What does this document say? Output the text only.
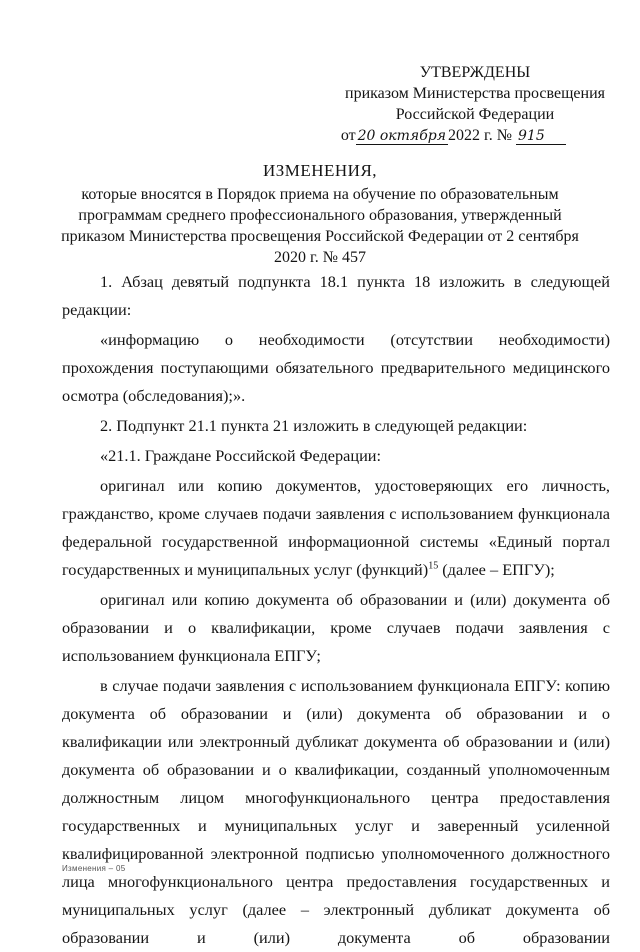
УТВЕРЖДЕНЫ
приказом Министерства просвещения
Российской Федерации
от 20 октября 2022 г. № 915
ИЗМЕНЕНИЯ,
которые вносятся в Порядок приема на обучение по образовательным программам среднего профессионального образования, утвержденный приказом Министерства просвещения Российской Федерации от 2 сентября 2020 г. № 457

1. Абзац девятый подпункта 18.1 пункта 18 изложить в следующей редакции:

«информацию о необходимости (отсутствии необходимости) прохождения поступающими обязательного предварительного медицинского осмотра (обследования);».

2. Подпункт 21.1 пункта 21 изложить в следующей редакции:

«21.1. Граждане Российской Федерации:

оригинал или копию документов, удостоверяющих его личность, гражданство, кроме случаев подачи заявления с использованием функционала федеральной государственной информационной системы «Единый портал государственных и муниципальных услуг (функций)$^{15}$ (далее – ЕПГУ);

оригинал или копию документа об образовании и (или) документа об образовании и о квалификации, кроме случаев подачи заявления с использованием функционала ЕПГУ;

в случае подачи заявления с использованием функционала ЕПГУ: копию документа об образовании и (или) документа об образовании и о квалификации или электронный дубликат документа об образовании и (или) документа об образовании и о квалификации, созданный уполномоченным должностным лицом многофункционального центра предоставления государственных и муниципальных услуг и заверенный усиленной квалифицированной электронной подписью уполномоченного должностного лица многофункционального центра предоставления государственных и муниципальных услуг (далее – электронный дубликат документа об образовании и (или) документа об образовании

Изменения – 05
